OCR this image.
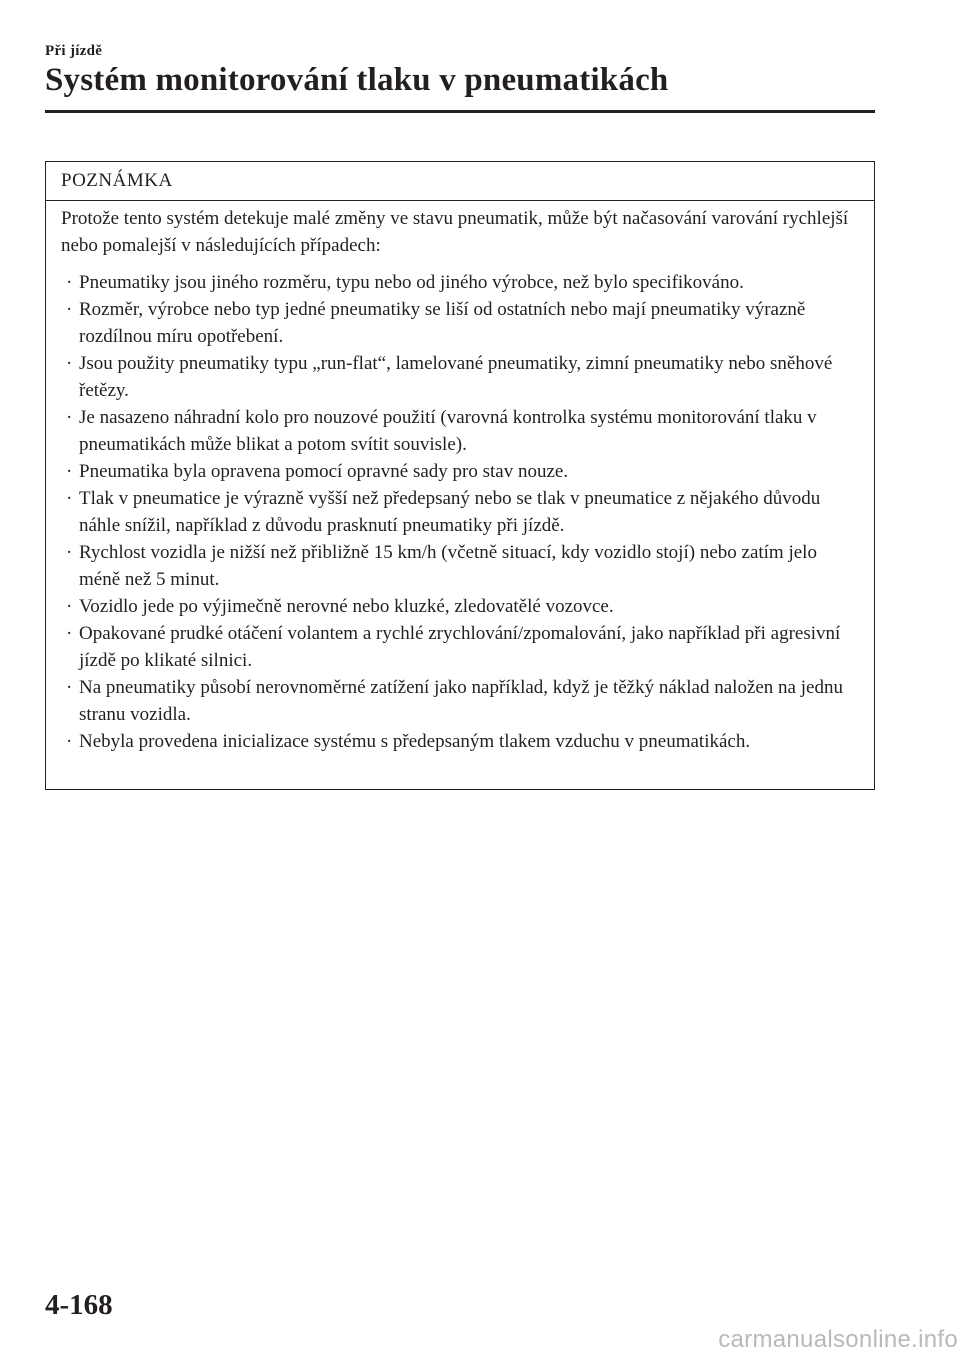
Při jízdě
Systém monitorování tlaku v pneumatikách
POZNÁMKA

Protože tento systém detekuje malé změny ve stavu pneumatik, může být načasování varování rychlejší nebo pomalejší v následujících případech:

· Pneumatiky jsou jiného rozměru, typu nebo od jiného výrobce, než bylo specifikováno.
· Rozměr, výrobce nebo typ jedné pneumatiky se liší od ostatních nebo mají pneumatiky výrazně rozdílnou míru opotřebení.
· Jsou použity pneumatiky typu „run-flat“, lamelované pneumatiky, zimní pneumatiky nebo sněhové řetězy.
· Je nasazeno náhradní kolo pro nouzové použití (varovná kontrolka systému monitorování tlaku v pneumatikách může blikat a potom svítit souvisle).
· Pneumatika byla opravena pomocí opravné sady pro stav nouze.
· Tlak v pneumatice je výrazně vyšší než předepsaný nebo se tlak v pneumatice z nějakého důvodu náhle snížil, například z důvodu prasknutí pneumatiky při jízdě.
· Rychlost vozidla je nižší než přibližně 15 km/h (včetně situací, kdy vozidlo stojí) nebo zatím jelo méně než 5 minut.
· Vozidlo jede po výjimečně nerovné nebo kluzké, zledovatělé vozovce.
· Opakované prudké otáčení volantem a rychlé zrychlování/zpomalování, jako například při agresivní jízdě po klikaté silnici.
· Na pneumatiky působí nerovnoměrné zatížení jako například, když je těžký náklad naložen na jednu stranu vozidla.
· Nebyla provedena inicializace systému s předepsaným tlakem vzduchu v pneumatikách.
4-168
carmanualsonline.info
